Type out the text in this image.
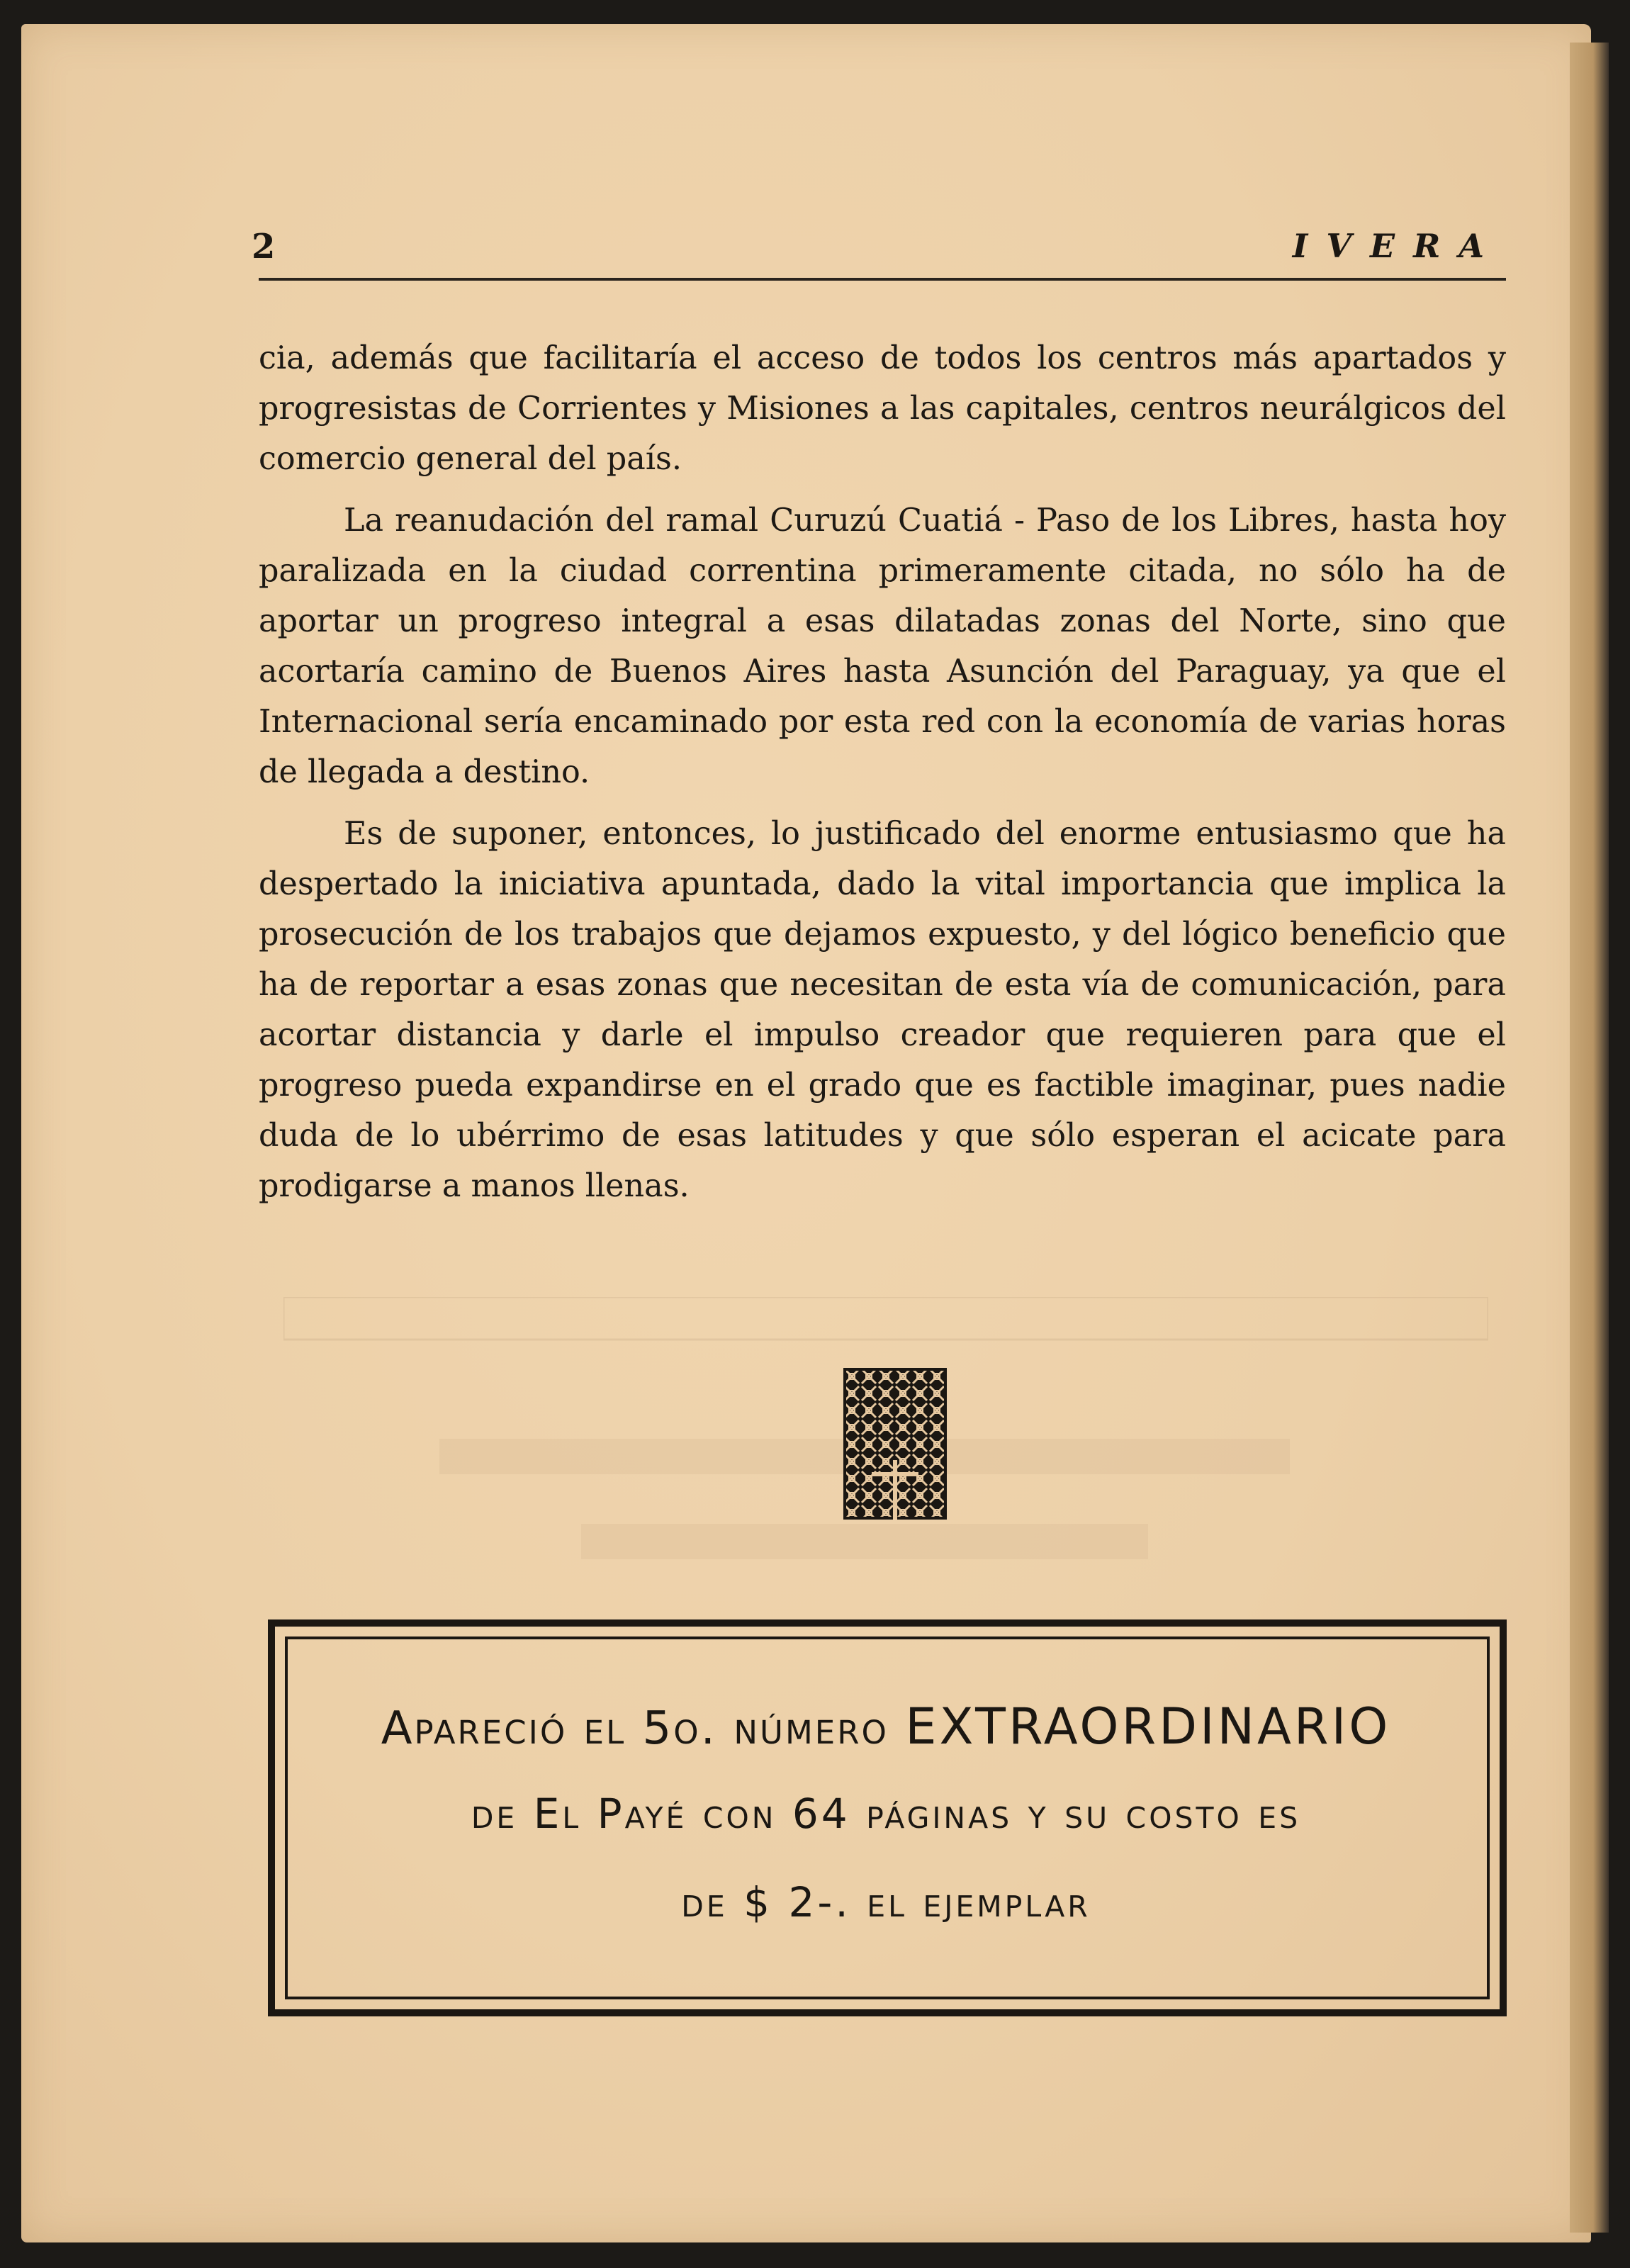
2	IVERA

cia, además que facilitaría el acceso de todos los centros más apartados y progresistas de Corrientes y Misiones a las capitales, centros neurálgicos del comercio general del país.

La reanudación del ramal Curuzú Cuatiá - Paso de los Libres, hasta hoy paralizada en la ciudad correntina primeramente citada, no sólo ha de aportar un progreso integral a esas dilatadas zonas del Norte, sino que acortaría camino de Buenos Aires hasta Asunción del Paraguay, ya que el Internacional sería encaminado por esta red con la economía de varias horas de llegada a destino.

Es de suponer, entonces, lo justificado del enorme entusiasmo que ha despertado la iniciativa apuntada, dado la vital importancia que implica la prosecución de los trabajos que dejamos expuesto, y del lógico beneficio que ha de reportar a esas zonas que necesitan de esta vía de comunicación, para acortar distancia y darle el impulso creador que requieren para que el progreso pueda expandirse en el grado que es factible imaginar, pues nadie duda de lo ubérrimo de esas latitudes y que sólo esperan el acicate para prodigarse a manos llenas.

Apareció el 5o. número EXTRAORDINARIO
de El Payé con 64 páginas y su costo es
de $ 2-. el ejemplar
